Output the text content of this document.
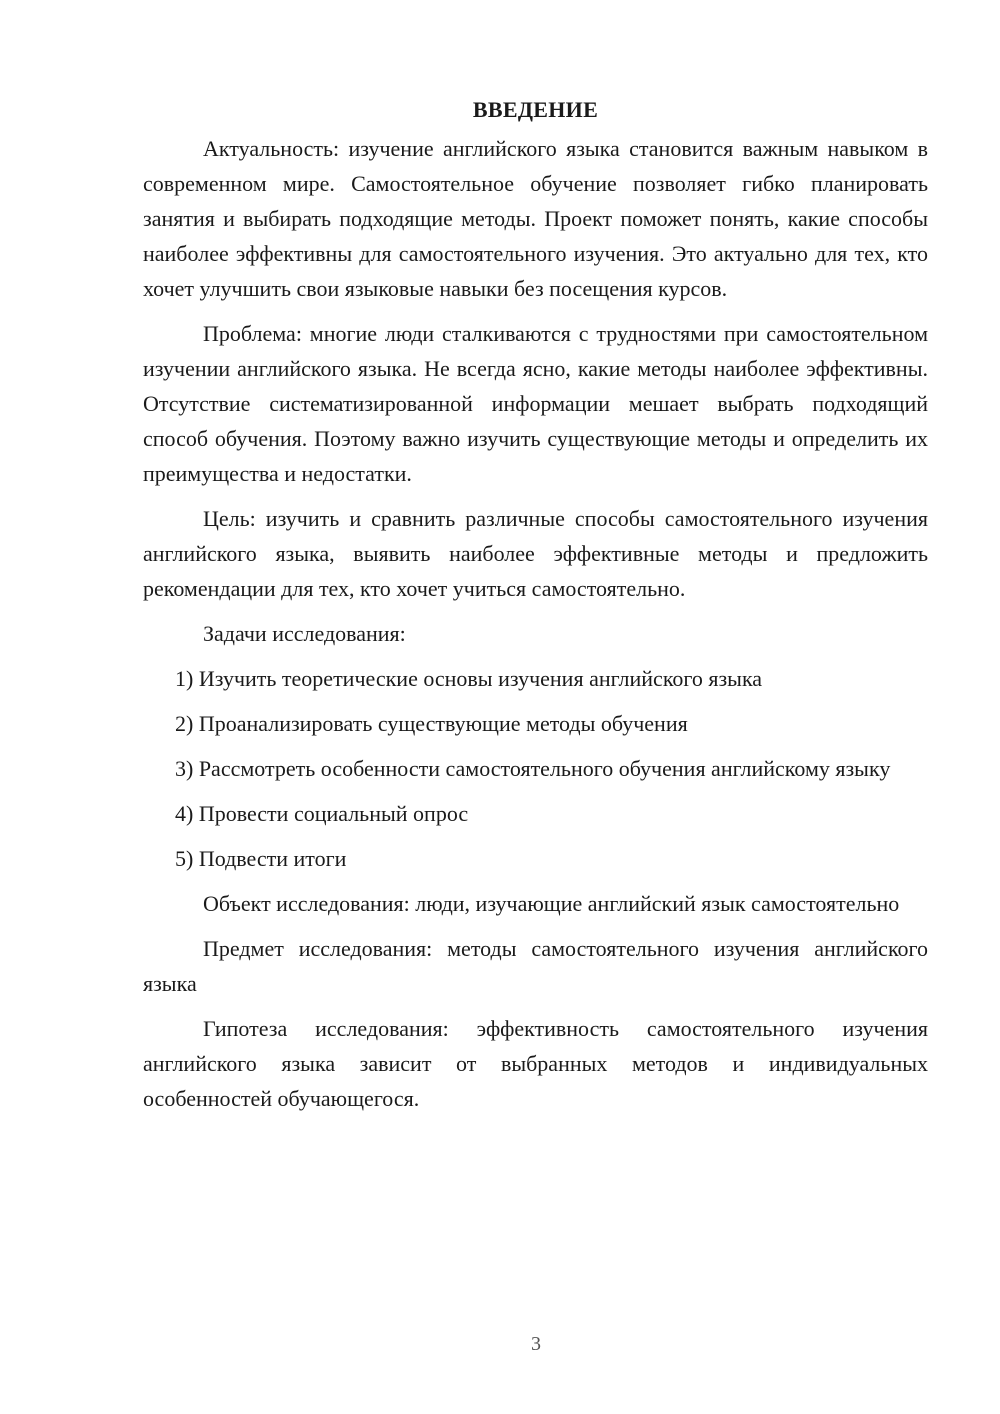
ВВЕДЕНИЕ

Актуальность: изучение английского языка становится важным навыком в современном мире. Самостоятельное обучение позволяет гибко планировать занятия и выбирать подходящие методы. Проект поможет понять, какие способы наиболее эффективны для самостоятельного изучения. Это актуально для тех, кто хочет улучшить свои языковые навыки без посещения курсов.

Проблема: многие люди сталкиваются с трудностями при самостоятельном изучении английского языка. Не всегда ясно, какие методы наиболее эффективны. Отсутствие систематизированной информации мешает выбрать подходящий способ обучения. Поэтому важно изучить существующие методы и определить их преимущества и недостатки.

Цель: изучить и сравнить различные способы самостоятельного изучения английского языка, выявить наиболее эффективные методы и предложить рекомендации для тех, кто хочет учиться самостоятельно.

Задачи исследования:

1) Изучить теоретические основы изучения английского языка

2) Проанализировать существующие методы обучения

3) Рассмотреть особенности самостоятельного обучения английскому языку

4) Провести социальный опрос

5) Подвести итоги

Объект исследования: люди, изучающие английский язык самостоятельно

Предмет исследования: методы самостоятельного изучения английского языка

Гипотеза исследования: эффективность самостоятельного изучения английского языка зависит от выбранных методов и индивидуальных особенностей обучающегося.

3
